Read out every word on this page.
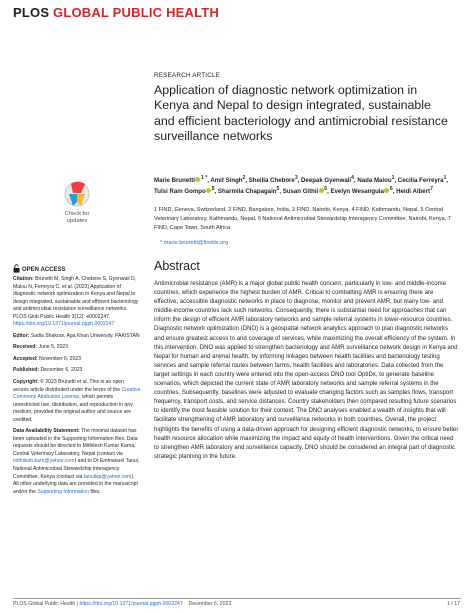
PLOS GLOBAL PUBLIC HEALTH
RESEARCH ARTICLE
Application of diagnostic network optimization in Kenya and Nepal to design integrated, sustainable and efficient bacteriology and antimicrobial resistance surveillance networks
Marie Brunetti $^{1 *}$, Amit Singh$^2$, Sheilla Chebore$^3$, Deepak Gyenwali$^4$, Nada Malou$^1$, Cecilia Ferreyra$^1$, Tulsi Ram Gompo $^5$, Sharmila Chapagain$^5$, Susan Githii $^6$, Evelyn Wesangula $^6$, Heidi Albert$^7$
1 FIND, Geneva, Switzerland, 2 FIND, Bangalore, India, 3 FIND, Nairobi, Kenya, 4 FIND, Kathmandu, Nepal, 5 Central Veterinary Laboratory, Kathmandu, Nepal, 6 National Antimicrobial Stewardship Interagency Committee, Nairobi, Kenya, 7 FIND, Cape Town, South Africa
* marie.brunetti@finddx.org
Check for
updates
OPEN ACCESS

Citation: Brunetti M, Singh A, Chebore S, Gyenwali D, Malou N, Ferreyra C, et al. (2023) Application of diagnostic network optimization in Kenya and Nepal to design integrated, sustainable and efficient bacteriology and antimicrobial resistance surveillance networks. PLOS Glob Public Health 3(12): e0002247. https://doi.org/10.1371/journal.pgph.0002247

Editor: Sadia Shakoor, Aga Khan University, PAKISTAN

Received: June 5, 2023

Accepted: November 6, 2023

Published: December 6, 2023

Copyright: © 2023 Brunetti et al. This is an open access article distributed under the terms of the Creative Commons Attribution License, which permits unrestricted use, distribution, and reproduction in any medium, provided the original author and source are credited.

Data Availability Statement: The minimal dataset has been uploaded in the Supporting Information files. Data requests should be directed to Mithilesh Kumar Karna, Central Veterinary Laboratory, Nepal (contact via mithilesh.karn@yahoo.com) and to Dr Emmanuel Tanui, National Antimicrobial Stewardship Interagency Committee, Kenya (contact via tanuikip@yahoo.com). All other underlying data are provided in the manuscript and/or the Supporting Information files.

Abstract
Antimicrobial resistance (AMR) is a major global public health concern, particularly in low- and middle-income countries, which experience the highest burden of AMR. Critical to combatting AMR is ensuring there are effective, accessible diagnostic networks in place to diagnose, monitor and prevent AMR, but many low- and middle-income countries lack such networks. Consequently, there is substantial need for approaches that can inform the design of efficient AMR laboratory networks and sample referral systems in lower-resource countries. Diagnostic network optimization (DNO) is a geospatial network analytics approach to plan diagnostic networks and ensure greatest access to and coverage of services, while maximizing the overall efficiency of the system. In this intervention, DNO was applied to strengthen bacteriology and AMR surveillance network design in Kenya and Nepal for human and animal health, by informing linkages between health facilities and bacteriology testing services and sample referral routes between farms, health facilities and laboratories. Data collected from the target settings in each country were entered into the open-access DNO tool OptiDx, to generate baseline scenarios, which depicted the current state of AMR laboratory networks and sample referral systems in the countries. Subsequently, baselines were adjusted to evaluate changing factors such as samples flows, transport frequency, transport costs, and service distances. Country stakeholders then compared resulting future scenarios to identify the most feasible solution for their context. The DNO analyses enabled a wealth of insights that will facilitate strengthening of AMR laboratory and surveillance networks in both countries. Overall, the project highlights the benefits of using a data-driven approach for designing efficient diagnostic networks, to ensure better health resource allocation while maximizing the impact and equity of health interventions. Given the critical need to strengthen AMR laboratory and surveillance capacity, DNO should be considered an integral part of diagnostic strategic planning in the future.
PLOS Global Public Health | https://doi.org/10.1371/journal.pgph.0002247 December 6, 2023	1 / 17
